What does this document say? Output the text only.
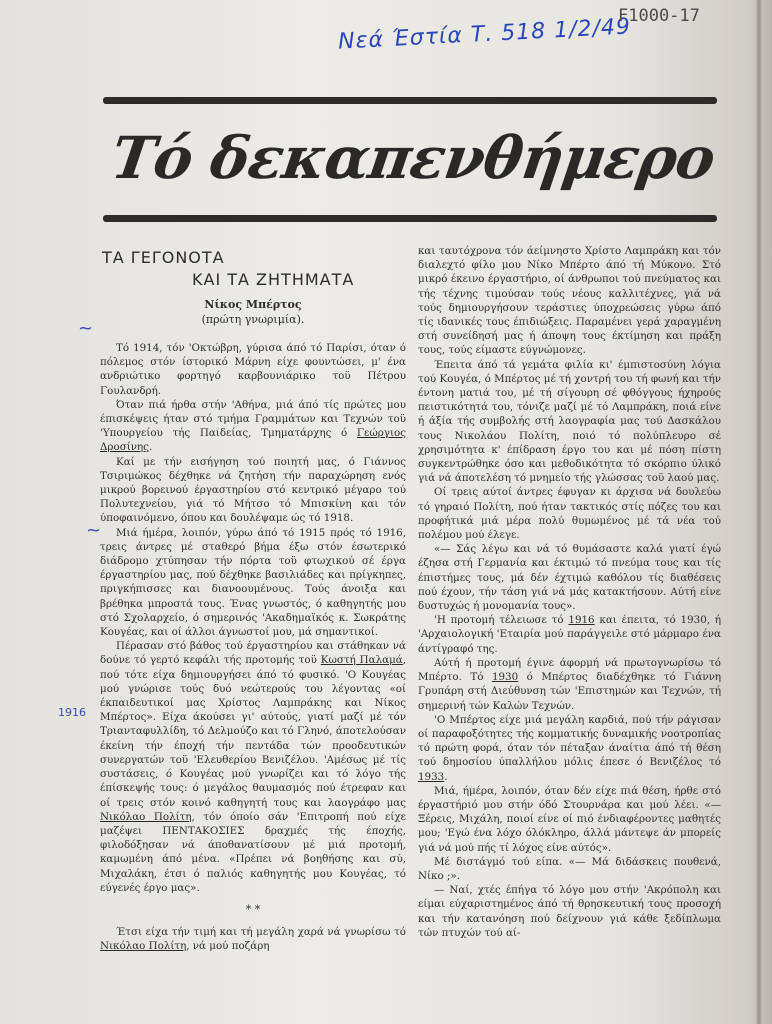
Νεά Έστία Τ. 518 1/2/49
F1000-17
Τό δεκαπενθήμερο
~
~
1916
ΤΑ ΓΕΓΟΝΟΤΑ
ΚΑΙ ΤΑ ΖΗΤΗΜΑΤΑ
Νίκος Μπέρτος
(πρώτη γνωριμία).

Τό 1914, τόν 'Οκτώβρη, γύρισα άπό τό Παρίσι, όταν ό πόλεμος στόν ίστορικό Μάρνη είχε φουντώσει, μ' ένα ανδριώτικο φορτηγό καρβουνιάρικο τοϋ Πέτρου Γουλανδρή.

Όταν πιά ήρθα στήν 'Αθήνα, μιά άπό τίς πρώτες μου έπισκέψεις ήταν στό τμήμα Γραμμάτων και Τεχνών τοϋ 'Υπουργείου τής Παιδείας, Τμηματάρχης ό Γεώργιος Δροσίνης.

Καί με τήν εισήγηση τού ποιητή μας, ό Γιάννος Τσιριμώκος δέχθηκε νά ζητήση τήν παραχώρηση ενός μικρού βορεινού έργαστηρίου στό κεντρικό μέγαρο τού Πολυτεχνείου, γιά τό Μήτσο τό Μπισκίνη και τόν ύποφαινόμενο, όπου και δουλέψαμε ώς τό 1918.

Μιά ήμέρα, λοιπόν, γύρω άπό τό 1915 πρός τό 1916, τρεις άντρες μέ σταθερό βήμα έξω στόν έσωτερικό διάδρομο χτύπησαν τήν πόρτα τοϋ φτωχικού σέ έργα έργαστηρίου μας, πού δέχθηκε βασιλιάδες και πρίγκηπες, πριγκήπισσες και διανοουμένους. Τούς άνοιξα και βρέθηκα μπροστά τους. Ένας γνωστός, ό καθηγητής μου στό Σχολαρχείο, ό σημερινός 'Ακαδημαϊκός κ. Σωκράτης Κουγέας, και οί άλλοι άγνωστοί μου, μά σημαντικοί.

Πέρασαν στό βάθος τού έργαστηρίου και στάθηκαν νά δούνε τό γερτό κεφάλι τής προτομής τοϋ Κωστή Παλαμά, πού τότε είχα δημιουργήσει άπό τό φυσικό. 'Ο Κουγέας μού γνώρισε τούς δυό νεώτερούς του λέγοντας «οί έκπαιδευτικοί μας Χρίστος Λαμπράκης και Νίκος Μπέρτος». Είχα άκούσει γι' αύτούς, γιατί μαζί μέ τόν Τριανταφυλλίδη, τό Δελμούζο και τό Γληνό, άποτελούσαν έκείνη τήν έποχή τήν πεντάδα τών προοδευτικών συνεργατών τοϋ 'Ελευθερίου Βενιζέλου. 'Αμέσως μέ τίς συστάσεις, ό Κουγέας μού γνωρίζει και τό λόγο τής έπίσκεψής τους: ό μεγάλος θαυμασμός πού έτρεφαν και οί τρεις στόν κοινό καθηγητή τους και λαογράφο μας Νικόλαο Πολίτη, τόν όποίο σάν 'Επιτροπή πού είχε μαζέψει ΠΕΝΤΑΚΟΣΙΕΣ δραχμές τής έποχής, φιλοδόξησαν νά άποθανατίσουν μέ μιά προτομή, καμωμένη άπό μένα. «Πρέπει νά βοηθήσης και σύ, Μιχαλάκη, έτσι ό παλιός καθηγητής μου Κουγέας, τό εύγενές έργο μας».

* *

Έτσι είχα τήν τιμή και τή μεγάλη χαρά νά γνωρίσω τό Νικόλαο Πολίτη, νά μού ποζάρη

και ταυτόχρονα τόν άείμνηστο Χρίστο Λαμπράκη και τόν διαλεχτό φίλο μου Νίκο Μπέρτο άπό τή Μύκονο. Στό μικρό έκεινο έργαστήριο, οί άνθρωποι τού πνεύματος και τής τέχνης τιμούσαν τούς νέους καλλιτέχνες, γιά νά τούς δημιουργήσουν τεράστιες ύποχρεώσεις γύρω άπό τίς ιδανικές τους έπιδιώξεις. Παραμένει γερά χαραγμένη στή συνείδησή μας ή άποψη τους έκτίμηση και πράξη τους, τούς είμαστε εύγνώμονες.

Έπειτα άπό τά γεμάτα φιλία κι' έμπιστοσύνη λόγια τού Κουγέα, ό Μπέρτος μέ τή χοντρή του τή φωνή και τήν έντονη ματιά του, μέ τή σίγουρη σέ φθόγγους ήχηρούς πειστικότητά του, τόνιζε μαζί μέ τό Λαμπράκη, ποιά είνε ή άξία τής συμβολής στή λαογραφία μας τού Δασκάλου τους Νικολάου Πολίτη, ποιό τό πολύπλευρο σέ χρησιμότητα κ' έπίδραση έργο του και μέ πόση πίστη συγκεντρώθηκε όσο και μεθοδικότητα τό σκόρπιο ύλικό γιά νά άποτελέση τό μνημείο τής γλώσσας τοϋ λαού μας.

Οί τρεις αύτοί άντρες έφυγαν κι άρχισα νά δουλεύω τό γηραιό Πολίτη, πού ήταν τακτικός στίς πόζες του και προφήτικά μιά μέρα πολύ θυμωμένος μέ τά νέα τού πολέμου μού έλεγε.

«— Σάς λέγω και νά τό θυμάσαστε καλά γιατί έγώ έζησα στή Γερμανία και έκτιμώ τό πνεύμα τους και τίς έπιστήμες τους, μά δέν έχτιμώ καθόλου τίς διαθέσεις πού έχουν, τήν τάση γιά νά μάς κατακτήσουν. Αύτή είνε δυστυχώς ή μονομανία τους».

'Η προτομή τέλειωσε τό 1916 και έπειτα, τό 1930, ή 'Αρχαιολογική 'Εταιρία μού παράγγειλε στό μάρμαρο ένα άντίγραφό της.

Αύτή ή προτομή έγινε άφορμή νά πρωτογνωρίσω τό Μπέρτο. Τό 1930 ό Μπέρτος διαδέχθηκε τό Γιάννη Γρυπάρη στή Διεύθυνση τών 'Επιστημών και Τεχνών, τή σημερινή τών Καλών Τεχνών.

'Ο Μπέρτος είχε μιά μεγάλη καρδιά, πού τήν ράγισαν οί παραφοξότητες τής κομματικής δυναμικής νοοτροπίας τό πρώτη φορά, όταν τόν πέταξαν άναίτια άπό τή θέση τού δημοσίου ύπαλλήλου μόλις έπεσε ό Βενιζέλος τό 1933.

Μιά, ήμέρα, λοιπόν, όταν δέν είχε πιά θέση, ήρθε στό έργαστήριό μου στήν όδό Στουρνάρα και μού λέει. «— Ξέρεις, Μιχάλη, ποιοί είνε οί πιό ένδιαφέροντες μαθητές μου; 'Εγώ ένα λόχο όλόκληρο, άλλά μάντεψε άν μπορείς γιά νά μού πής τί λόχος είνε αύτός».

Μέ διστάγμό τού είπα. «— Μά διδάσκεις πουθενά, Νίκο ;».

— Ναί, χτές έπήγα τό λόγο μου στήν 'Ακρόπολη και είμαι εύχαριστημένος άπό τή θρησκευτική τους προσοχή και τήν κατανόηση πού δείχνουν γιά κάθε ξεδίπλωμα τών πτυχών τού αί-
